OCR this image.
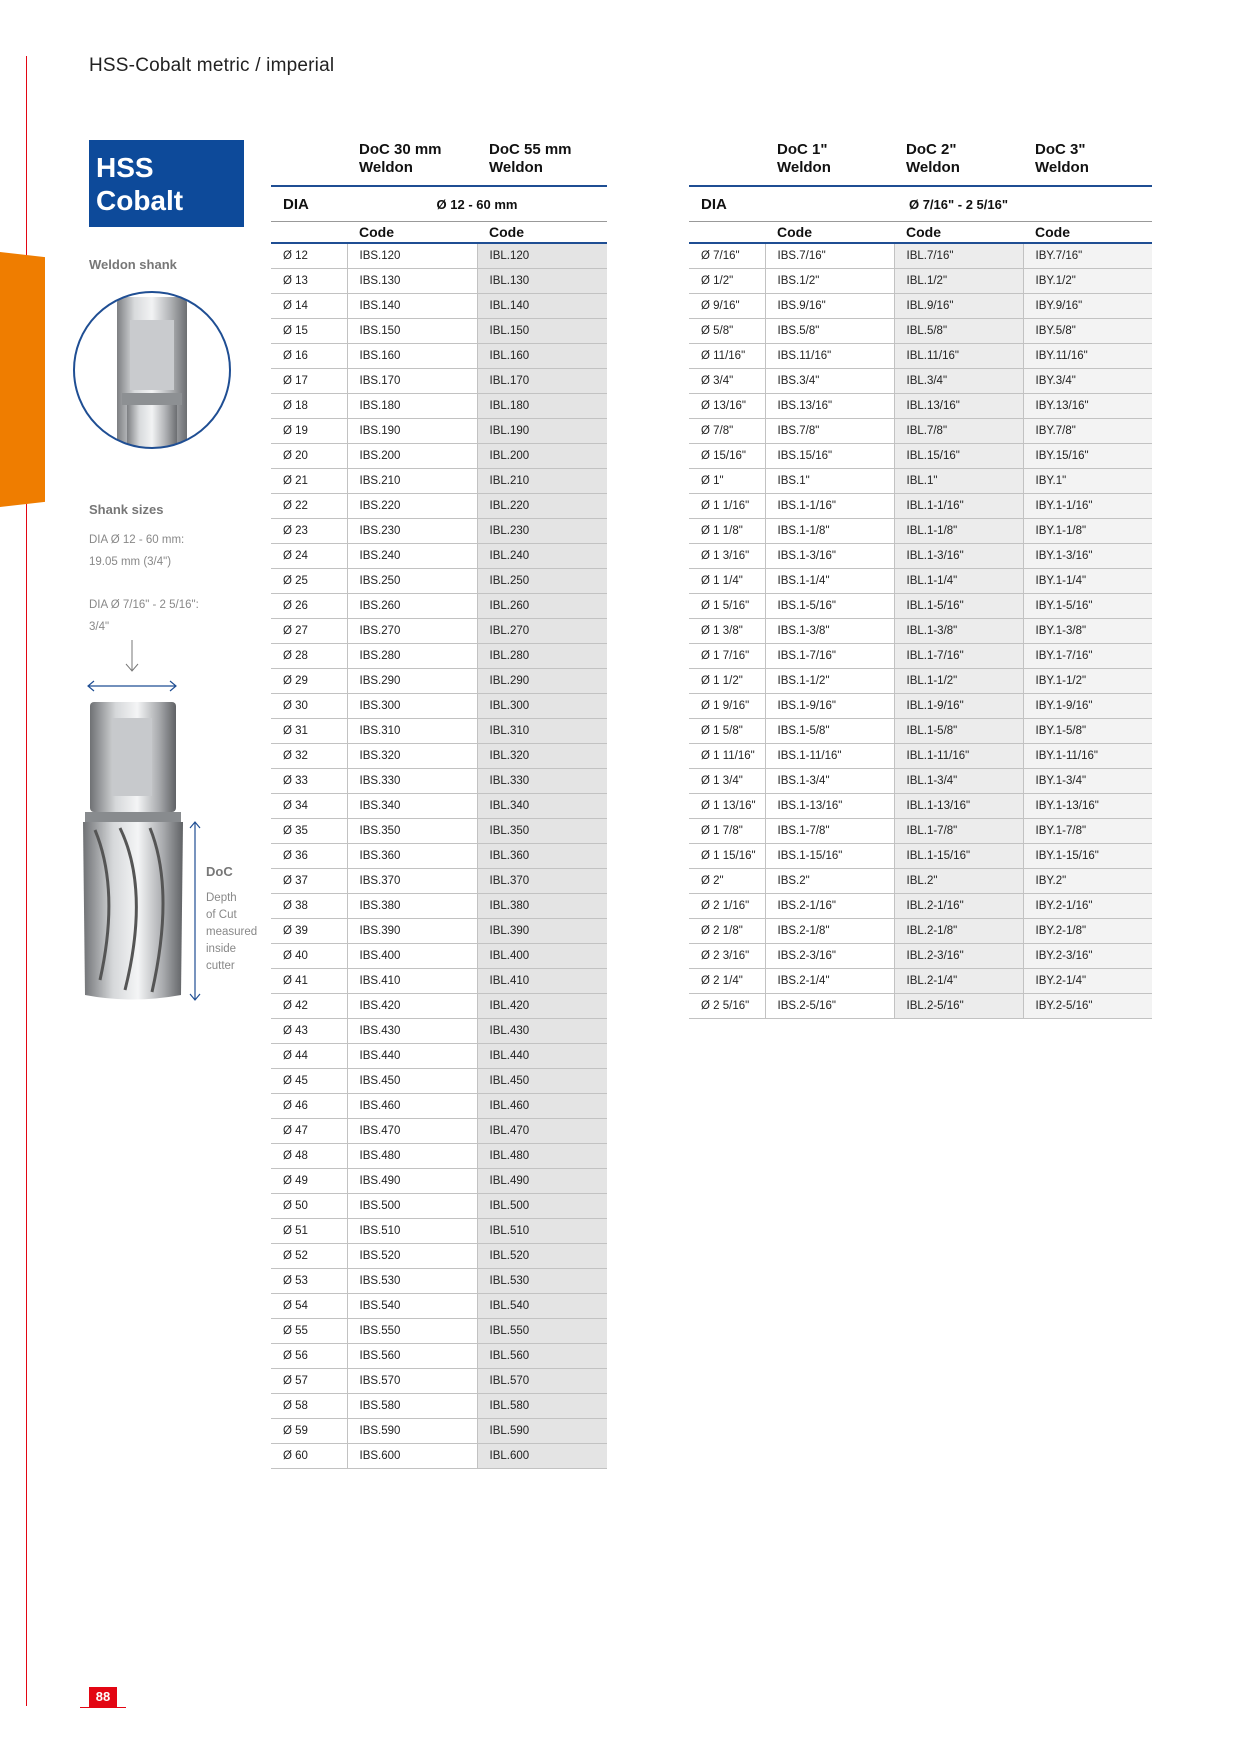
HSS-Cobalt metric / imperial
HSS
Cobalt
Weldon shank
Shank sizes
DIA Ø 12 - 60 mm:
19.05 mm (3/4")
DIA Ø 7/16" - 2 5/16":
3/4"
DoC
Depth
of Cut
measured
inside
cutter
	DoC 30 mm	DoC 55 mm
	Weldon	Weldon
DIA	Ø 12 - 60 mm	
	Code	Code
Ø 12	IBS.120	IBL.120
Ø 13	IBS.130	IBL.130
Ø 14	IBS.140	IBL.140
Ø 15	IBS.150	IBL.150
Ø 16	IBS.160	IBL.160
Ø 17	IBS.170	IBL.170
Ø 18	IBS.180	IBL.180
Ø 19	IBS.190	IBL.190
Ø 20	IBS.200	IBL.200
Ø 21	IBS.210	IBL.210
Ø 22	IBS.220	IBL.220
Ø 23	IBS.230	IBL.230
Ø 24	IBS.240	IBL.240
Ø 25	IBS.250	IBL.250
Ø 26	IBS.260	IBL.260
Ø 27	IBS.270	IBL.270
Ø 28	IBS.280	IBL.280
Ø 29	IBS.290	IBL.290
Ø 30	IBS.300	IBL.300
Ø 31	IBS.310	IBL.310
Ø 32	IBS.320	IBL.320
Ø 33	IBS.330	IBL.330
Ø 34	IBS.340	IBL.340
Ø 35	IBS.350	IBL.350
Ø 36	IBS.360	IBL.360
Ø 37	IBS.370	IBL.370
Ø 38	IBS.380	IBL.380
Ø 39	IBS.390	IBL.390
Ø 40	IBS.400	IBL.400
Ø 41	IBS.410	IBL.410
Ø 42	IBS.420	IBL.420
Ø 43	IBS.430	IBL.430
Ø 44	IBS.440	IBL.440
Ø 45	IBS.450	IBL.450
Ø 46	IBS.460	IBL.460
Ø 47	IBS.470	IBL.470
Ø 48	IBS.480	IBL.480
Ø 49	IBS.490	IBL.490
Ø 50	IBS.500	IBL.500
Ø 51	IBS.510	IBL.510
Ø 52	IBS.520	IBL.520
Ø 53	IBS.530	IBL.530
Ø 54	IBS.540	IBL.540
Ø 55	IBS.550	IBL.550
Ø 56	IBS.560	IBL.560
Ø 57	IBS.570	IBL.570
Ø 58	IBS.580	IBL.580
Ø 59	IBS.590	IBL.590
Ø 60	IBS.600	IBL.600
	DoC 1"	DoC 2"	DoC 3"
	Weldon	Weldon	Weldon
DIA	Ø 7/16" - 2 5/16"		
	Code	Code	Code
Ø 7/16"	IBS.7/16"	IBL.7/16"	IBY.7/16"
Ø 1/2"	IBS.1/2"	IBL.1/2"	IBY.1/2"
Ø 9/16"	IBS.9/16"	IBL.9/16"	IBY.9/16"
Ø 5/8"	IBS.5/8"	IBL.5/8"	IBY.5/8"
Ø 11/16"	IBS.11/16"	IBL.11/16"	IBY.11/16"
Ø 3/4"	IBS.3/4"	IBL.3/4"	IBY.3/4"
Ø 13/16"	IBS.13/16"	IBL.13/16"	IBY.13/16"
Ø 7/8"	IBS.7/8"	IBL.7/8"	IBY.7/8"
Ø 15/16"	IBS.15/16"	IBL.15/16"	IBY.15/16"
Ø 1"	IBS.1"	IBL.1"	IBY.1"
Ø 1 1/16"	IBS.1-1/16"	IBL.1-1/16"	IBY.1-1/16"
Ø 1 1/8"	IBS.1-1/8"	IBL.1-1/8"	IBY.1-1/8"
Ø 1 3/16"	IBS.1-3/16"	IBL.1-3/16"	IBY.1-3/16"
Ø 1 1/4"	IBS.1-1/4"	IBL.1-1/4"	IBY.1-1/4"
Ø 1 5/16"	IBS.1-5/16"	IBL.1-5/16"	IBY.1-5/16"
Ø 1 3/8"	IBS.1-3/8"	IBL.1-3/8"	IBY.1-3/8"
Ø 1 7/16"	IBS.1-7/16"	IBL.1-7/16"	IBY.1-7/16"
Ø 1 1/2"	IBS.1-1/2"	IBL.1-1/2"	IBY.1-1/2"
Ø 1 9/16"	IBS.1-9/16"	IBL.1-9/16"	IBY.1-9/16"
Ø 1 5/8"	IBS.1-5/8"	IBL.1-5/8"	IBY.1-5/8"
Ø 1 11/16"	IBS.1-11/16"	IBL.1-11/16"	IBY.1-11/16"
Ø 1 3/4"	IBS.1-3/4"	IBL.1-3/4"	IBY.1-3/4"
Ø 1 13/16"	IBS.1-13/16"	IBL.1-13/16"	IBY.1-13/16"
Ø 1 7/8"	IBS.1-7/8"	IBL.1-7/8"	IBY.1-7/8"
Ø 1 15/16"	IBS.1-15/16"	IBL.1-15/16"	IBY.1-15/16"
Ø 2"	IBS.2"	IBL.2"	IBY.2"
Ø 2 1/16"	IBS.2-1/16"	IBL.2-1/16"	IBY.2-1/16"
Ø 2 1/8"	IBS.2-1/8"	IBL.2-1/8"	IBY.2-1/8"
Ø 2 3/16"	IBS.2-3/16"	IBL.2-3/16"	IBY.2-3/16"
Ø 2 1/4"	IBS.2-1/4"	IBL.2-1/4"	IBY.2-1/4"
Ø 2 5/16"	IBS.2-5/16"	IBL.2-5/16"	IBY.2-5/16"
88
